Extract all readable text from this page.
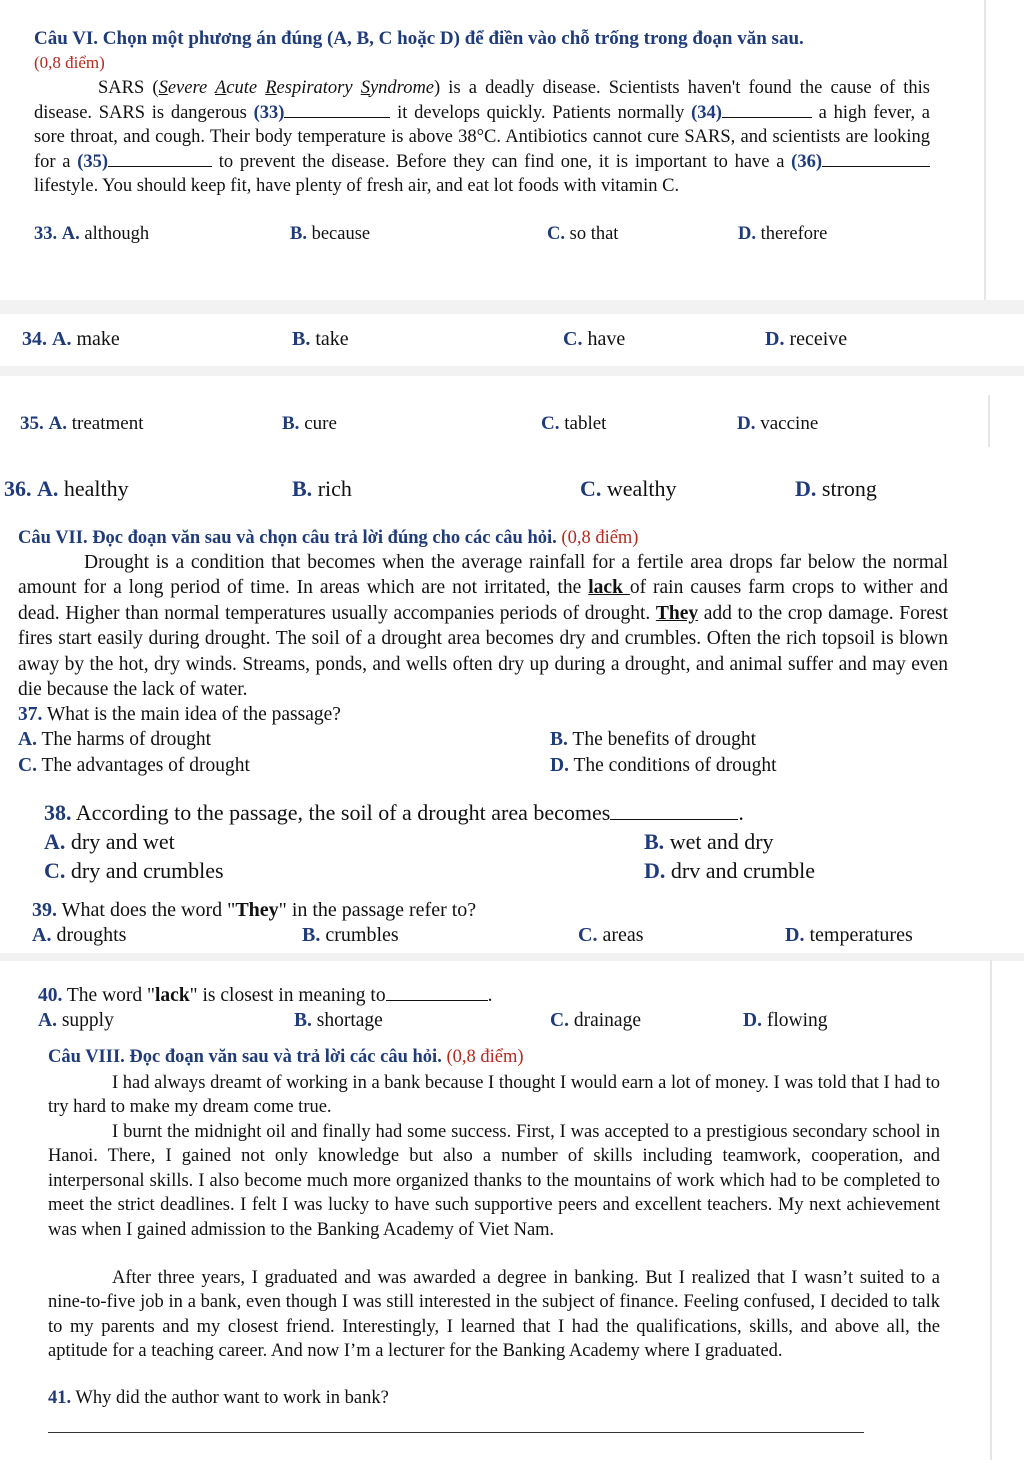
Câu VI. Chọn một phương án đúng (A, B, C hoặc D) để điền vào chỗ trống trong đoạn văn sau.
(0,8 điểm)
SARS (Severe Acute Respiratory Syndrome) is a deadly disease. Scientists haven't found the cause of this disease. SARS is dangerous (33)	it develops quickly. Patients normally (34)	a high fever, a sore throat, and cough. Their body temperature is above 38°C. Antibiotics cannot cure SARS, and scientists are looking for a (35)	to prevent the disease. Before they can find one, it is important to have a (36) lifestyle. You should keep fit, have plenty of fresh air, and eat lot foods with vitamin C.
33. A. although	B. because	C. so that	D. therefore
34. A. make	B. take	C. have	D. receive
35. A. treatment	B. cure	C. tablet	D. vaccine
36. A. healthy	B. rich	C. wealthy	D. strong
Câu VII. Đọc đoạn văn sau và chọn câu trả lời đúng cho các câu hỏi. (0,8 điểm)
Drought is a condition that becomes when the average rainfall for a fertile area drops far below the normal amount for a long period of time. In areas which are not irritated, the lack of rain causes farm crops to wither and dead. Higher than normal temperatures usually accompanies periods of drought. They add to the crop damage. Forest fires start easily during drought. The soil of a drought area becomes dry and crumbles. Often the rich topsoil is blown away by the hot, dry winds. Streams, ponds, and wells often dry up during a drought, and animal suffer and may even die because the lack of water.
37. What is the main idea of the passage?
A. The harms of drought	B. The benefits of drought
C. The advantages of drought	D. The conditions of drought
38. According to the passage, the soil of a drought area becomes	.
A. dry and wet	B. wet and dry
C. dry and crumbles	D. drv and crumble
39. What does the word "They" in the passage refer to?
A. droughts	B. crumbles	C. areas	D. temperatures
40. The word "lack" is closest in meaning to	.
A. supply	B. shortage	C. drainage	D. flowing
Câu VIII. Đọc đoạn văn sau và trả lời các câu hỏi. (0,8 điểm)
I had always dreamt of working in a bank because I thought I would earn a lot of money. I was told that I had to try hard to make my dream come true.
I burnt the midnight oil and finally had some success. First, I was accepted to a prestigious secondary school in Hanoi. There, I gained not only knowledge but also a number of skills including teamwork, cooperation, and interpersonal skills. I also become much more organized thanks to the mountains of work which had to be completed to meet the strict deadlines. I felt I was lucky to have such supportive peers and excellent teachers. My next achievement was when I gained admission to the Banking Academy of Viet Nam.
After three years, I graduated and was awarded a degree in banking. But I realized that I wasn’t suited to a nine-to-five job in a bank, even though I was still interested in the subject of finance. Feeling confused, I decided to talk to my parents and my closest friend. Interestingly, I learned that I had the qualifications, skills, and above all, the aptitude for a teaching career. And now I’m a lecturer for the Banking Academy where I graduated.
41. Why did the author want to work in bank?
